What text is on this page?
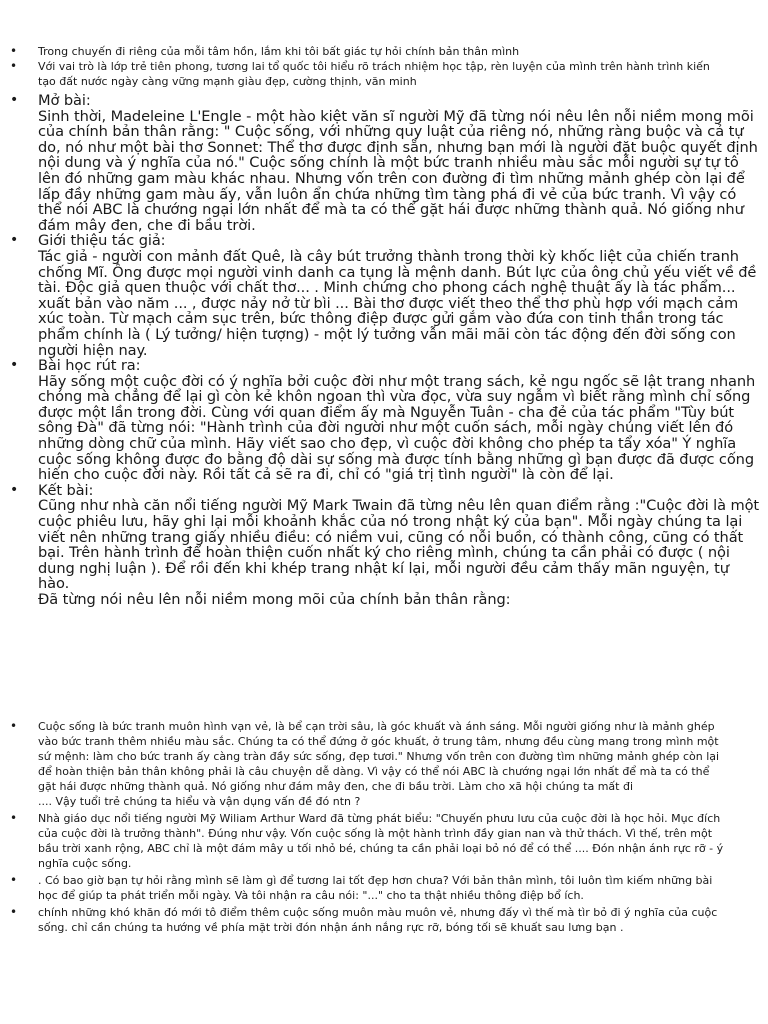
• Trong chuyến đi riêng của mỗi tâm hồn, lắm khi tôi bất giác tự hỏi chính bản thân mình
• Với vai trò là lớp trẻ tiên phong, tương lai tổ quốc tôi hiểu rõ trách nhiệm học tập, rèn luyện của mình trên hành trình kiến tạo đất nước ngày càng vững mạnh giàu đẹp, cường thịnh, văn minh
• Mở bài:
Sinh thời, Madeleine L'Engle - một hào kiệt văn sĩ người Mỹ đã từng nói nêu lên nỗi niềm mong mõi của chính bản thân rằng: " Cuộc sống, với những quy luật của riêng nó, những ràng buộc và cả tự do, nó như một bài thơ Sonnet: Thể thơ được định sẵn, nhưng bạn mới là người đặt buộc quyết định nội dung và ý nghĩa của nó." Cuộc sống chính là một bức tranh nhiều màu sắc mỗi người sự tự tô lên đó những gam màu khác nhau. Nhưng vốn trên con đường đi tìm những mảnh ghép còn lại để lấp đầy những gam màu ấy, vẫn luôn ẩn chứa những tìm tàng phá đi vẻ của bức tranh. Vì vậy có thể nói ABC là chướng ngại lớn nhất để mà ta có thể gặt hái được những thành quả. Nó giống như đám mây đen, che đi bầu trời.
• Giới thiệu tác giả:
Tác giả - người con mảnh đất Quê, là cây bút trưởng thành trong thời kỳ khốc liệt của chiến tranh chống Mĩ. Ông được mọi người vinh danh ca tụng là mệnh danh. Bút lực của ông chủ yếu viết về đề tài. Độc giả quen thuộc với chất thơ... . Minh chứng cho phong cách nghệ thuật ấy là tác phẩm... xuất bản vào năm ... , được nảy nở từ bìi ... Bài thơ được viết theo thể thơ phù hợp với mạch cảm xúc toàn. Từ mạch cảm sục trên, bức thông điệp được gửi gắm vào đứa con tinh thần trong tác phẩm chính là ( Lý tưởng/ hiện tượng) - một lý tưởng vẫn mãi mãi còn tác động đến đời sống con người hiện nay.
• Bài học rút ra:
Hãy sống một cuộc đời có ý nghĩa bởi cuộc đời như một trang sách, kẻ ngu ngốc sẽ lật trang nhanh chóng mà chẳng để lại gì còn kẻ khôn ngoan thì vừa đọc, vừa suy ngẫm vì biết rằng mình chỉ sống được một lần trong đời. Cùng với quan điểm ấy mà Nguyễn Tuân - cha đẻ của tác phẩm "Tùy bút sông Đà" đã từng nói: "Hành trình của đời người như một cuốn sách, mỗi ngày chúng viết lên đó những dòng chữ của mình. Hãy viết sao cho đẹp, vì cuộc đời không cho phép ta tẩy xóa" Ý nghĩa cuộc sống không được đo bằng độ dài sự sống mà được tính bằng những gì bạn được đã được cống hiến cho cuộc đời này. Rồi tất cả sẽ ra đi, chỉ có "giá trị tình người" là còn để lại.
• Kết bài:
Cũng như nhà căn nổi tiếng người Mỹ Mark Twain đã từng nêu lên quan điểm rằng :"Cuộc đời là một cuộc phiêu lưu, hãy ghi lại mỗi khoảnh khắc của nó trong nhật ký của bạn". Mỗi ngày chúng ta lại viết nên những trang giấy nhiều điều: có niềm vui, cũng có nỗi buồn, có thành công, cũng có thất bại. Trên hành trình để hoàn thiện cuốn nhất ký cho riêng mình, chúng ta cần phải có được ( nội dung nghị luận ). Để rồi đến khi khép trang nhật kí lại, mỗi người đều cảm thấy mãn nguyện, tự hào.
Đã từng nói nêu lên nỗi niềm mong mõi của chính bản thân rằng:
• Cuộc sống là bức tranh muôn hình vạn vẻ, là bể cạn trời sâu, là góc khuất và ánh sáng. Mỗi người giống như là mảnh ghép vào bức tranh thêm nhiều màu sắc. Chúng ta có thể đứng ở góc khuất, ở trung tâm, nhưng đều cùng mang trong mình một sứ mệnh: làm cho bức tranh ấy càng tràn đầy sức sống, đẹp tươi." Nhưng vốn trên con đường tìm những mảnh ghép còn lại để hoàn thiện bản thân không phải là câu chuyện dễ dàng. Vì vậy có thể nói ABC là chướng ngại lớn nhất để mà ta có thể gặt hái được những thành quả. Nó giống như đám mây đen, che đi bầu trời. Làm cho xã hội chúng ta mất đi
.... Vậy tuổi trẻ chúng ta hiểu và vận dụng vấn đề đó ntn ?
• Nhà giáo dục nổi tiếng người Mỹ Wiliam Arthur Ward đã từng phát biểu: "Chuyến phưu lưu của cuộc đời là học hỏi. Mục đích của cuộc đời là trưởng thành". Đúng như vậy. Vốn cuộc sống là một hành trình đầy gian nan và thử thách. Vì thế, trên một bầu trời xanh rộng, ABC chỉ là một đám mây u tối nhỏ bé, chúng ta cần phải loại bỏ nó để có thể .... Đón nhận ánh rực rỡ - ý nghĩa cuộc sống.
• . Có bao giờ bạn tự hỏi rằng mình sẽ làm gì để tương lai tốt đẹp hơn chưa? Với bản thân mình, tôi luôn tìm kiếm những bài học để giúp ta phát triển mỗi ngày. Và tôi nhận ra câu nói: "..." cho ta thật nhiều thông điệp bổ ích.
• chính những khó khăn đó mới tô điểm thêm cuộc sống muôn màu muôn vẻ, nhưng đấy vì thế mà tìr bỏ đi ý nghĩa của cuộc sống. chỉ cần chúng ta hướng về phía mặt trời đón nhận ánh nắng rực rỡ, bóng tối sẽ khuất sau lưng bạn .
